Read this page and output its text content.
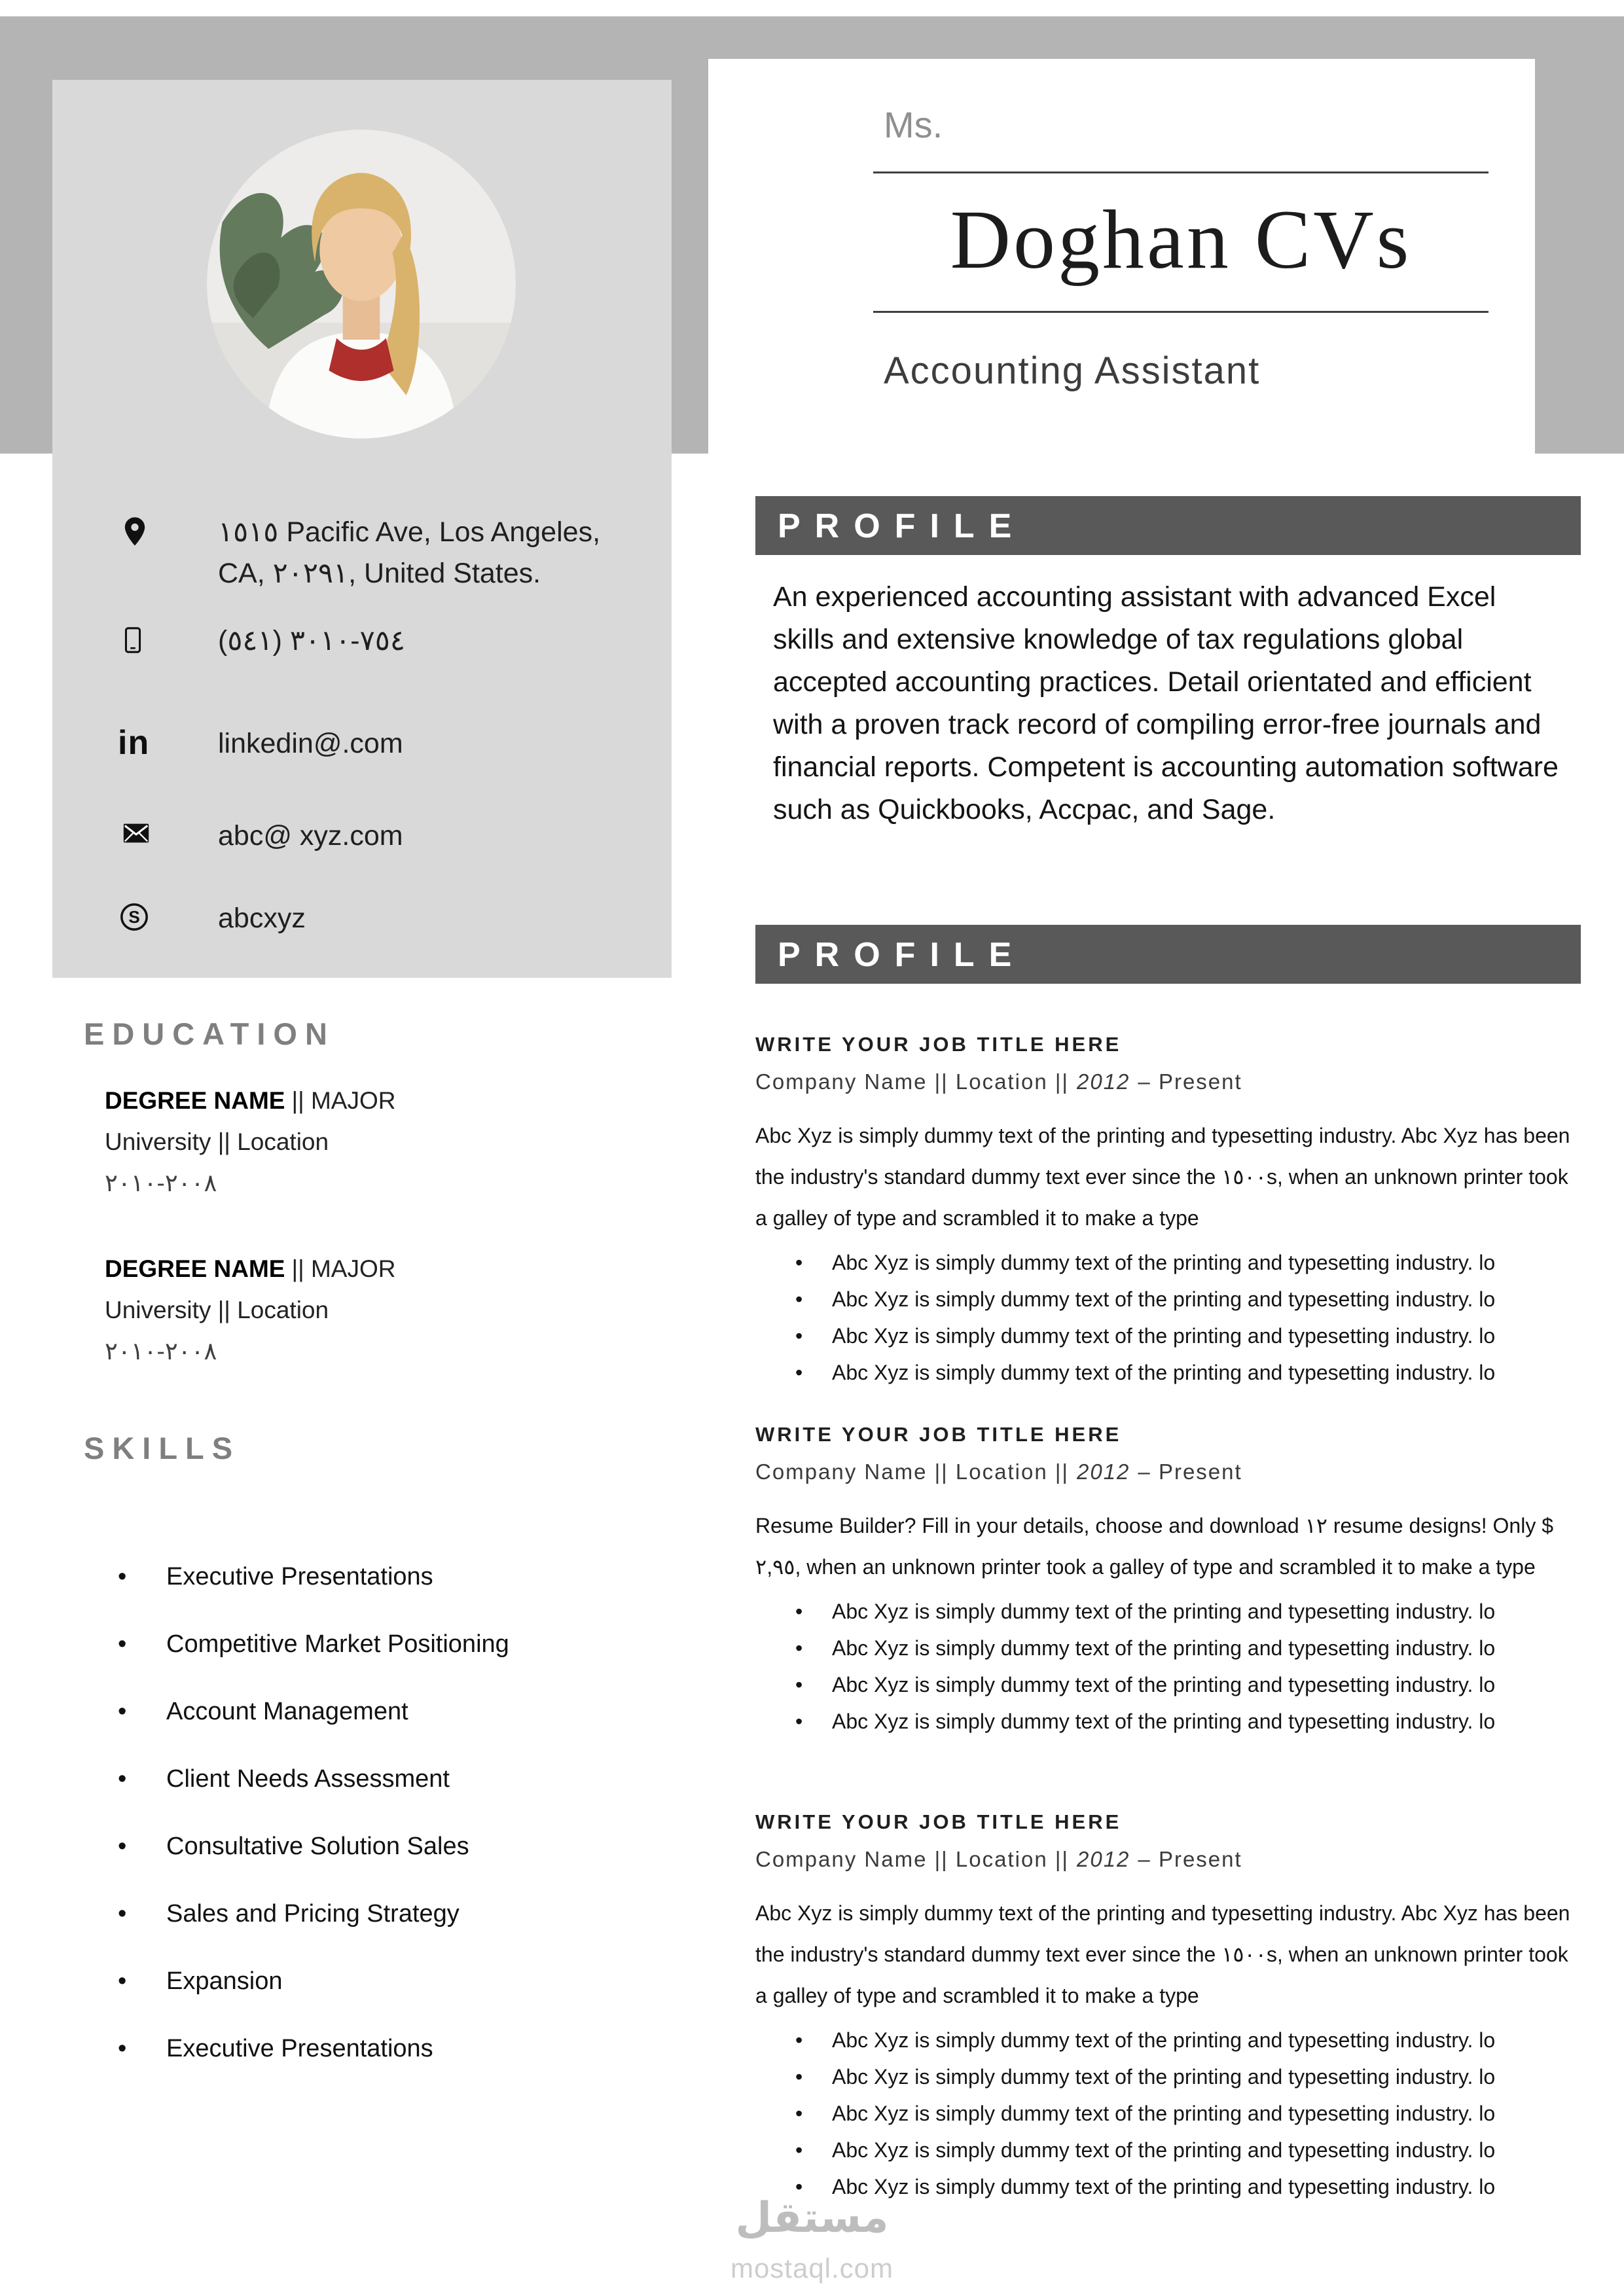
Ms.
Doghan CVs
Accounting Assistant
١٥١٥ Pacific Ave, Los Angeles,
CA, ٢٠٢٩١, United States.
(٥٤١) ٧٥٤-٣٠١٠
in	linkedin@.com
abc@ xyz.com
S	abcxyz
EDUCATION
DEGREE NAME || MAJOR
University || Location
٢٠٠٨-٢٠١٠
DEGREE NAME || MAJOR
University || Location
٢٠٠٨-٢٠١٠
SKILLS
• Executive Presentations
• Competitive Market Positioning
• Account Management
• Client Needs Assessment
• Consultative Solution Sales
• Sales and Pricing Strategy
• Expansion
• Executive Presentations
PROFILE
An experienced accounting assistant with advanced Excel skills and extensive knowledge of tax regulations global accepted accounting practices. Detail orientated and efficient with a proven track record of compiling error-free journals and financial reports. Competent is accounting automation software such as Quickbooks, Accpac, and Sage.
PROFILE
WRITE YOUR JOB TITLE HERE
Company Name || Location || 2012 – Present
Abc Xyz is simply dummy text of the printing and typesetting industry. Abc Xyz has been the industry's standard dummy text ever since the ١٥٠٠s, when an unknown printer took a galley of type and scrambled it to make a type
• Abc Xyz is simply dummy text of the printing and typesetting industry. lo
• Abc Xyz is simply dummy text of the printing and typesetting industry. lo
• Abc Xyz is simply dummy text of the printing and typesetting industry. lo
• Abc Xyz is simply dummy text of the printing and typesetting industry. lo
WRITE YOUR JOB TITLE HERE
Company Name || Location || 2012 – Present
Resume Builder? Fill in your details, choose and download ١٢ resume designs! Only $ ٢,٩٥, when an unknown printer took a galley of type and scrambled it to make a type
• Abc Xyz is simply dummy text of the printing and typesetting industry. lo
• Abc Xyz is simply dummy text of the printing and typesetting industry. lo
• Abc Xyz is simply dummy text of the printing and typesetting industry. lo
• Abc Xyz is simply dummy text of the printing and typesetting industry. lo
WRITE YOUR JOB TITLE HERE
Company Name || Location || 2012 – Present
Abc Xyz is simply dummy text of the printing and typesetting industry. Abc Xyz has been the industry's standard dummy text ever since the ١٥٠٠s, when an unknown printer took a galley of type and scrambled it to make a type
• Abc Xyz is simply dummy text of the printing and typesetting industry. lo
• Abc Xyz is simply dummy text of the printing and typesetting industry. lo
• Abc Xyz is simply dummy text of the printing and typesetting industry. lo
• Abc Xyz is simply dummy text of the printing and typesetting industry. lo
• Abc Xyz is simply dummy text of the printing and typesetting industry. lo
مستقل
mostaql.com
